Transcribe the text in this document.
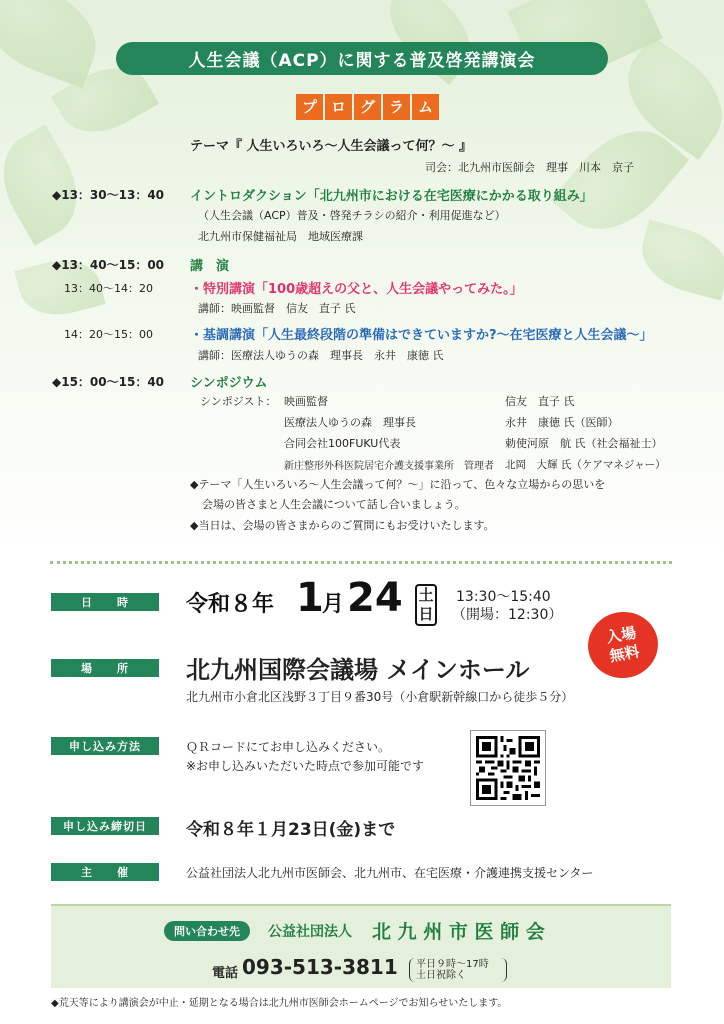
人生会議（ACP）に関する普及啓発講演会
プ ロ グ ラ ム
テーマ『 人生いろいろ～人生会議って何？～ 』
司会：北九州市医師会　理事　川本　京子
◆13：30～13：40 イントロダクション「北九州市における在宅医療にかかる取り組み」
（人生会議（ACP）普及・啓発チラシの紹介・利用促進など）
北九州市保健福祉局　地域医療課
◆13：40～15：00 講　演
13：40～14：20	・特別講演「100歳超えの父と、人生会議やってみた。」
講師：映画監督　信友　直子 氏
14：20～15：00	・基調講演「人生最終段階の準備はできていますか?～在宅医療と人生会議～」
講師：医療法人ゆうの森　理事長　永井　康徳 氏
◆15：00～15：40 シンポジウム
シンポジスト： 映画監督	信友　直子 氏
医療法人ゆうの森　理事長	永井　康徳 氏（医師）
合同会社100FUKU代表	勅使河原　航 氏（社会福祉士）
新庄整形外科医院居宅介護支援事業所　管理者 北岡　大輝 氏（ケアマネジャー）
◆テーマ「人生いろいろ～人生会議って何？～」に沿って、色々な立場からの思いを
会場の皆さまと人生会議について話し合いましょう。
◆当日は、会場の皆さまからのご質問にもお受けいたします。
日　　時	令和８年 1
月 24 土
日
13:30～15:40
（開場：12:30）
入場
無料
場　　所	北九州国際会議場 メインホール
北九州市小倉北区浅野３丁目９番30号（小倉駅新幹線口から徒歩５分）
申し込み方法	ＱＲコードにてお申し込みください。
※お申し込みいただいた時点で参加可能です
申し込み締切日	令和８年１月23日(金)まで
主　　催	公益社団法人北九州市医師会、北九州市、在宅医療・介護連携支援センター
問い合わせ先	公益社団法人 北 九 州 市 医 師 会
電話 093-513-3811 平日９時～17時
土日祝除く
◆荒天等により講演会が中止・延期となる場合は北九州市医師会ホームページでお知らせいたします。
